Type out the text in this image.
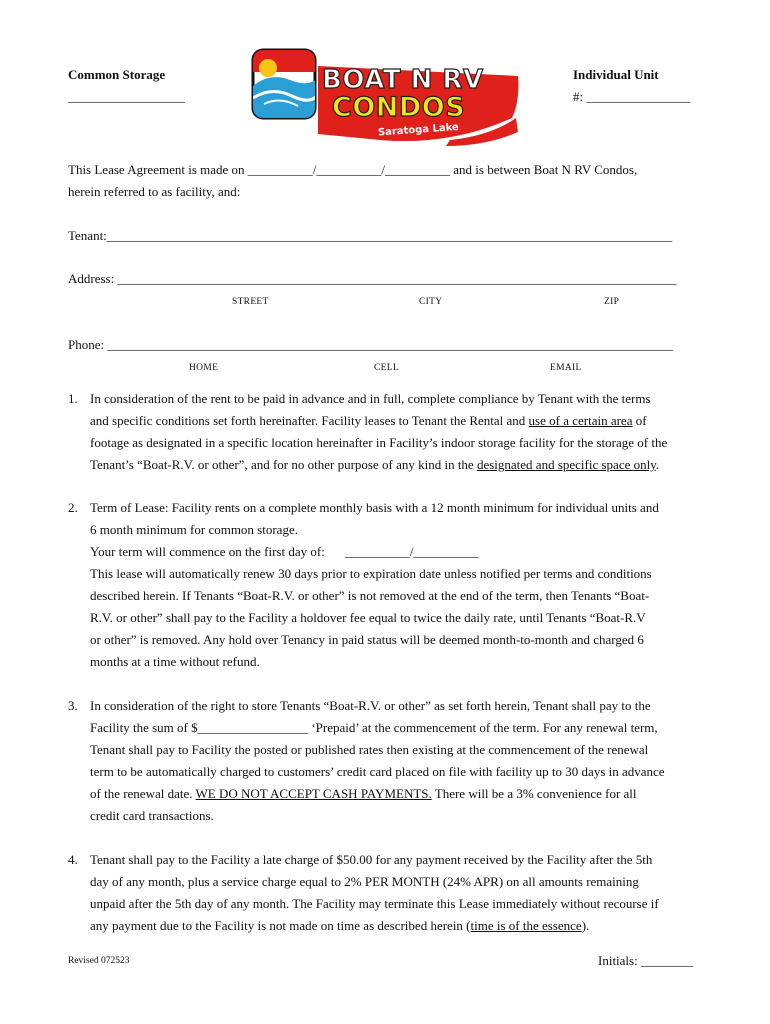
Common Storage
__________________
Individual Unit
#: ________________
BOAT N RV
CONDOS
Saratoga Lake
This Lease Agreement is made on __________/__________/__________ and is between Boat N RV Condos,
herein referred to as facility, and:
Tenant:_______________________________________________________________________________________
Address: ______________________________________________________________________________________
STREET	CITY	ZIP
Phone: _______________________________________________________________________________________
HOME	CELL	EMAIL
1. In consideration of the rent to be paid in advance and in full, complete compliance by Tenant with the terms

and specific conditions set forth hereinafter. Facility leases to Tenant the Rental and use of a certain area of

footage as designated in a specific location hereinafter in Facility’s indoor storage facility for the storage of the

Tenant’s “Boat-R.V. or other”, and for no other purpose of any kind in the designated and specific space only.

2. Term of Lease: Facility rents on a complete monthly basis with a 12 month minimum for individual units and

6 month minimum for common storage.

Your term will commence on the first day of: __________/__________

This lease will automatically renew 30 days prior to expiration date unless notified per terms and conditions

described herein. If Tenants “Boat-R.V. or other” is not removed at the end of the term, then Tenants “Boat-

R.V. or other” shall pay to the Facility a holdover fee equal to twice the daily rate, until Tenants “Boat-R.V

or other” is removed. Any hold over Tenancy in paid status will be deemed month-to-month and charged 6

months at a time without refund.

3. In consideration of the right to store Tenants “Boat-R.V. or other” as set forth herein, Tenant shall pay to the

Facility the sum of $_________________ ‘Prepaid’ at the commencement of the term. For any renewal term,

Tenant shall pay to Facility the posted or published rates then existing at the commencement of the renewal

term to be automatically charged to customers’ credit card placed on file with facility up to 30 days in advance

of the renewal date. WE DO NOT ACCEPT CASH PAYMENTS. There will be a 3% convenience for all

credit card transactions.

4. Tenant shall pay to the Facility a late charge of $50.00 for any payment received by the Facility after the 5th

day of any month, plus a service charge equal to 2% PER MONTH (24% APR) on all amounts remaining

unpaid after the 5th day of any month. The Facility may terminate this Lease immediately without recourse if

any payment due to the Facility is not made on time as described herein (time is of the essence).

Revised 072523	Initials: ________
